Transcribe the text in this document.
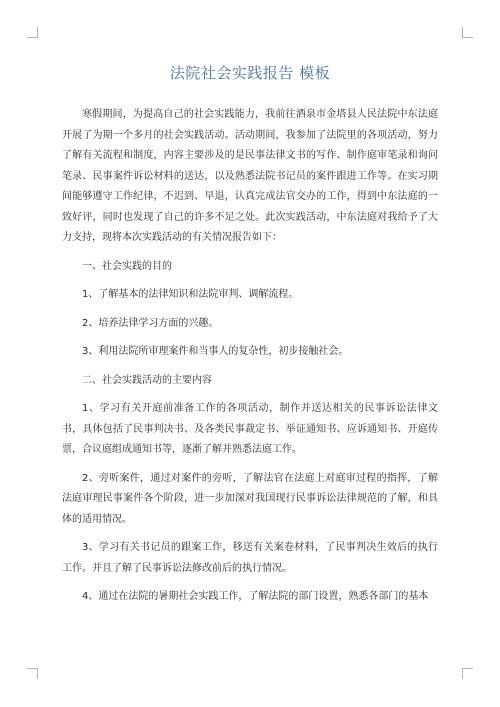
法院社会实践报告 模板

寒假期间，为提高自己的社会实践能力，我前往酒泉市金塔县人民法院中东法庭开展了为期一个多月的社会实践活动。活动期间，我参加了法院里的各项活动，努力了解有关流程和制度，内容主要涉及的是民事法律文书的写作、制作庭审笔录和询问笔录、民事案件诉讼材料的送达，以及熟悉法院书记员的案件跟进工作等。在实习期间能够遵守工作纪律，不迟到、早退，认真完成法官交办的工作，得到中东法庭的一致好评，同时也发现了自己的许多不足之处。此次实践活动，中东法庭对我给予了大力支持，现将本次实践活动的有关情况报告如下：

一、社会实践的目的

1、了解基本的法律知识和法院审判、调解流程。

2、培养法律学习方面的兴趣。

3、利用法院所审理案件和当事人的复杂性，初步接触社会。

二、社会实践活动的主要内容

1、学习有关开庭前准备工作的各项活动，制作并送达相关的民事诉讼法律文书，具体包括了民事判决书、及各类民事裁定书、举证通知书、应诉通知书、开庭传票，合议庭组成通知书等，逐渐了解并熟悉法庭工作。

2、旁听案件，通过对案件的旁听，了解法官在法庭上对庭审过程的指挥，了解法庭审理民事案件各个阶段，进一步加深对我国现行民事诉讼法律规范的了解，和具体的适用情况。

3、学习有关书记员的跟案工作，移送有关案卷材料，了民事判决生效后的执行工作。并且了解了民事诉讼法修改前后的执行情况。

4、通过在法院的暑期社会实践工作，了解法院的部门设置，熟悉各部门的基本
